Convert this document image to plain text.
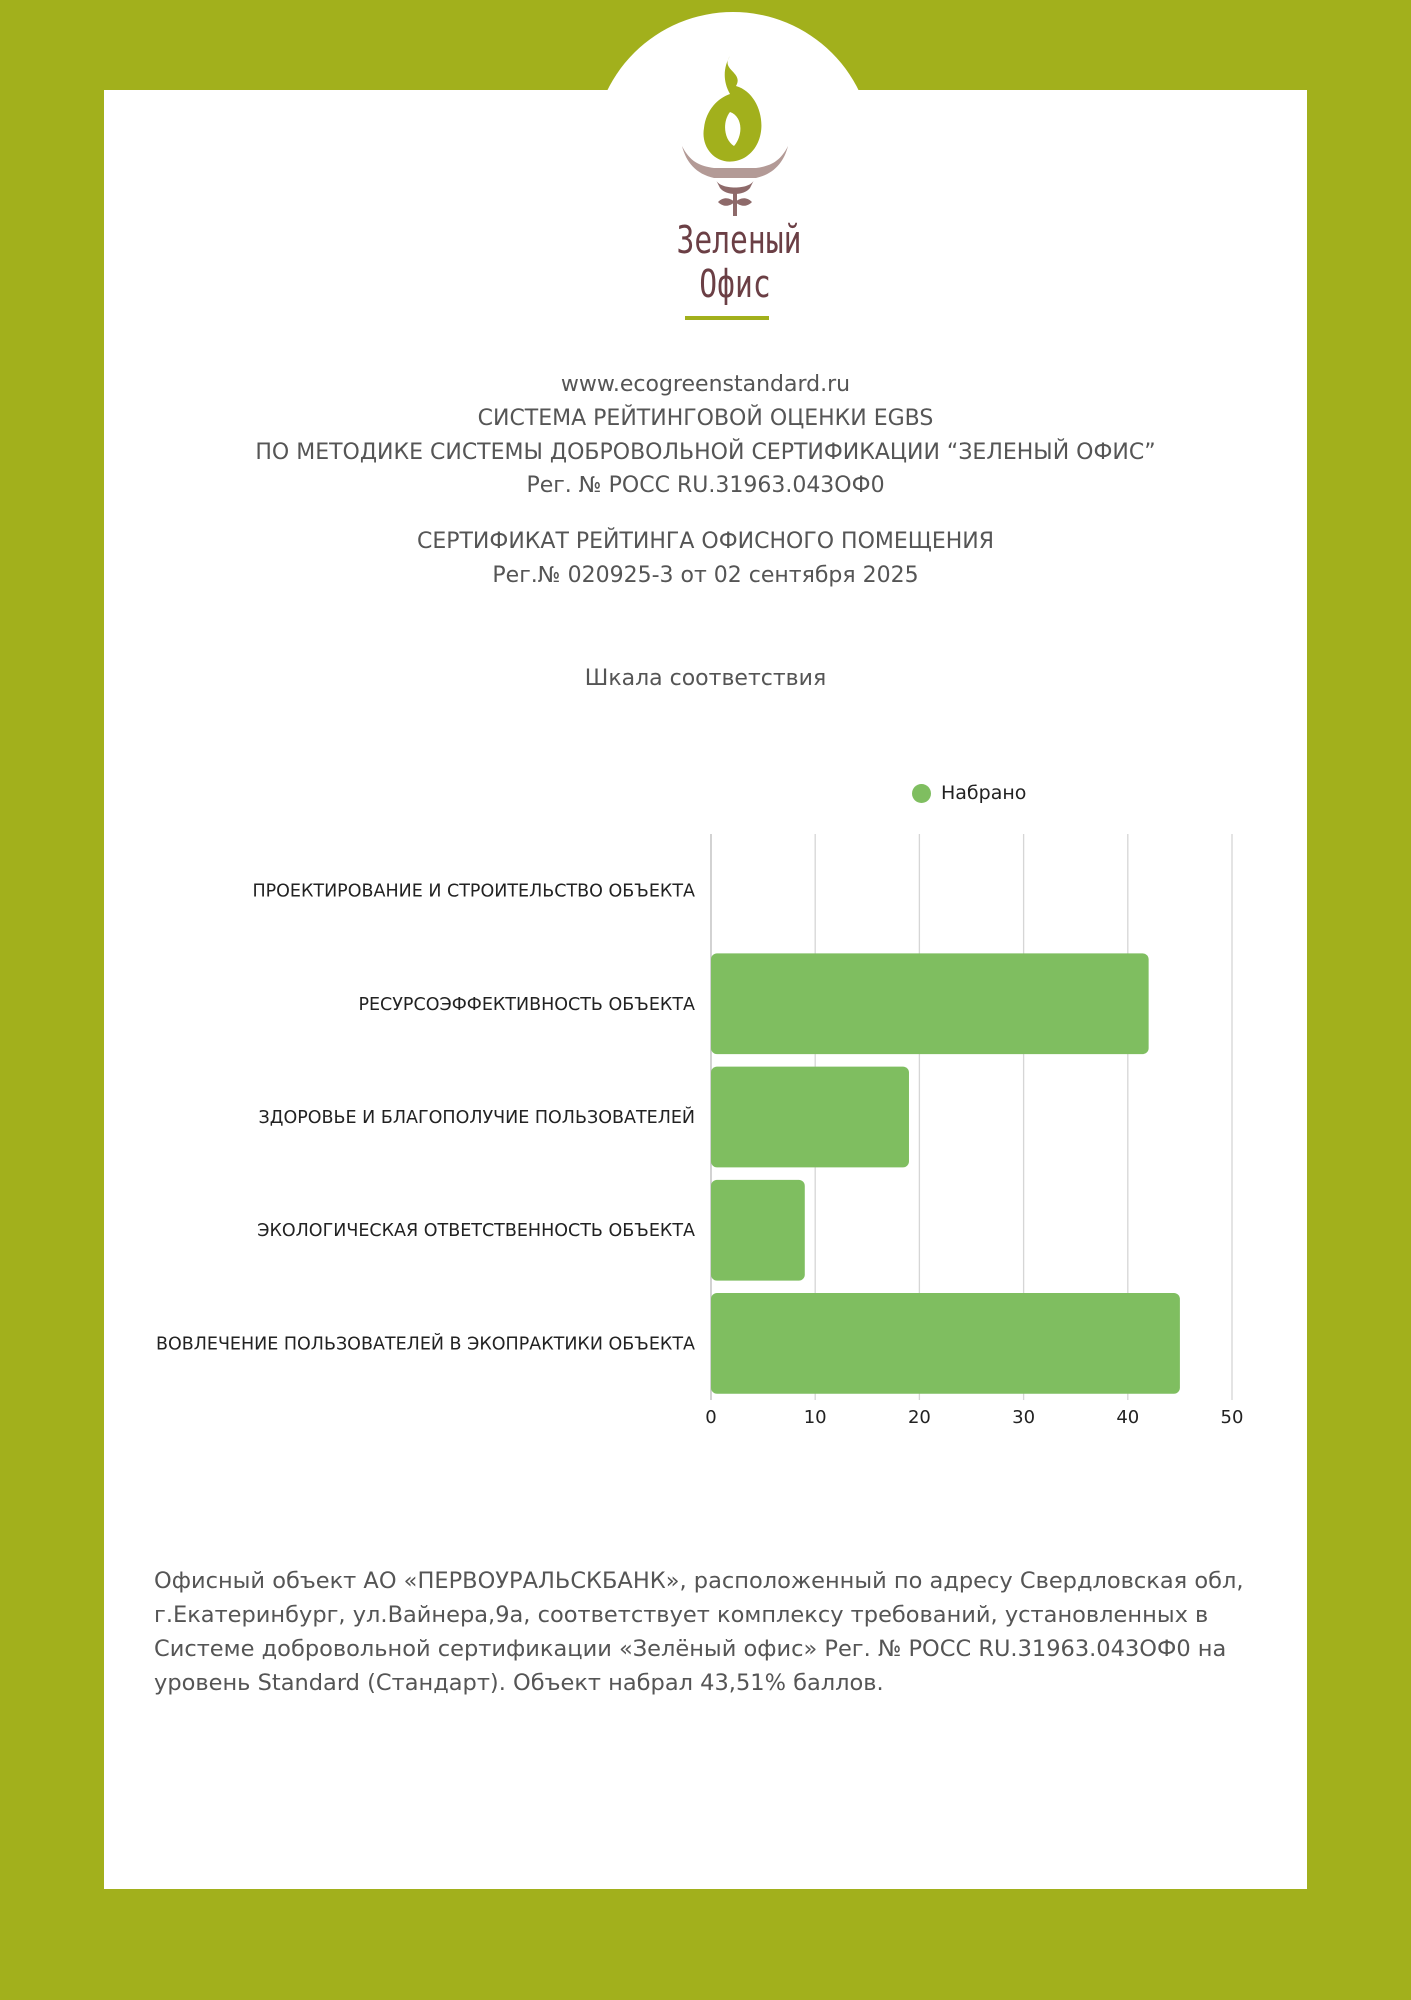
Зеленый
Офис
www.ecogreenstandard.ru
СИСТЕМА РЕЙТИНГОВОЙ ОЦЕНКИ EGBS
ПО МЕТОДИКЕ СИСТЕМЫ ДОБРОВОЛЬНОЙ СЕРТИФИКАЦИИ “ЗЕЛЕНЫЙ ОФИС”
Рег. № РОСС RU.31963.043ОФ0
СЕРТИФИКАТ РЕЙТИНГА ОФИСНОГО ПОМЕЩЕНИЯ
Рег.№ 020925-3 от 02 сентября 2025
Шкала соответствия
Набрано
0	10	20	30	40	50
ПРОЕКТИРОВАНИЕ И СТРОИТЕЛЬСТВО ОБЪЕКТА
РЕСУРСОЭФФЕКТИВНОСТЬ ОБЪЕКТА
ЗДОРОВЬЕ И БЛАГОПОЛУЧИЕ ПОЛЬЗОВАТЕЛЕЙ
ЭКОЛОГИЧЕСКАЯ ОТВЕТСТВЕННОСТЬ ОБЪЕКТА
ВОВЛЕЧЕНИЕ ПОЛЬЗОВАТЕЛЕЙ В ЭКОПРАКТИКИ ОБЪЕКТА
Офисный объект АО «ПЕРВОУРАЛЬСКБАНК», расположенный по адресу Свердловская обл, г.Екатеринбург, ул.Вайнера,9а, соответствует комплексу требований, установленных в Системе добровольной сертификации «Зелёный офис» Рег. № РОСС RU.31963.043ОФ0 на уровень Standard (Стандарт). Объект набрал 43,51% баллов.
